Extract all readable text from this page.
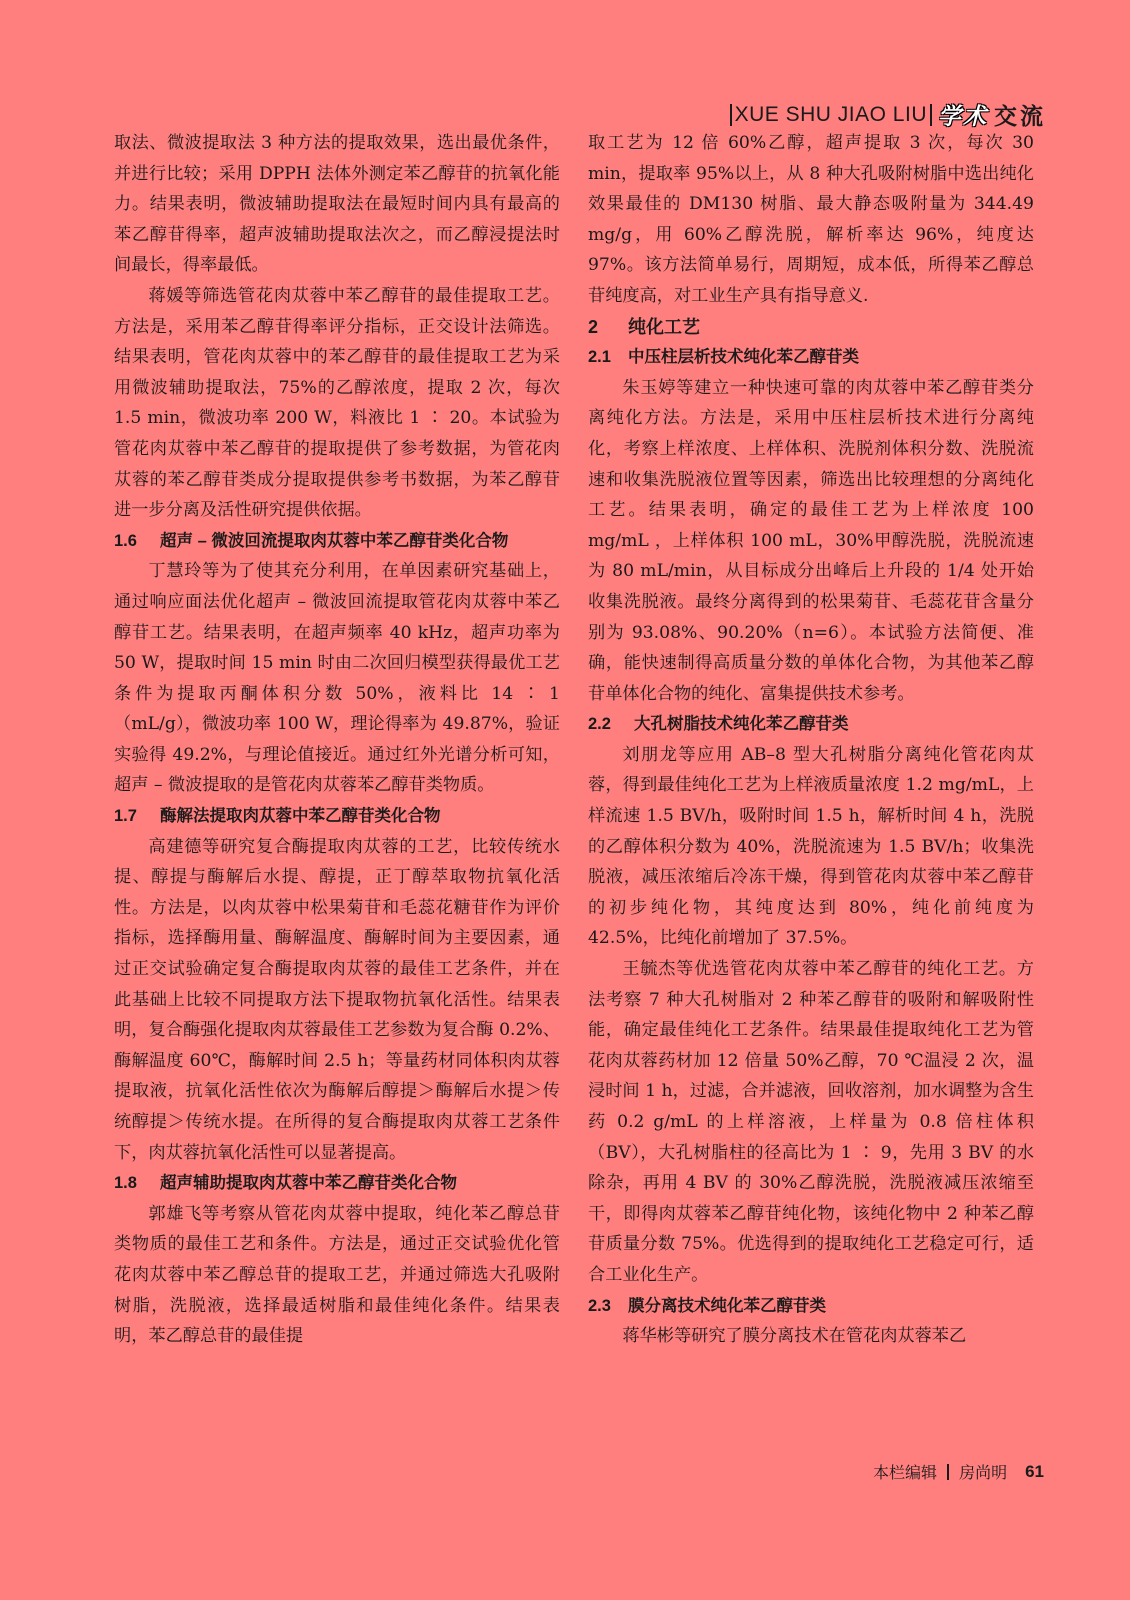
XUE SHU JIAO LIU 学术 交流

取法、微波提取法 3 种方法的提取效果，选出最优条件，并进行比较；采用 DPPH 法体外测定苯乙醇苷的抗氧化能力。结果表明，微波辅助提取法在最短时间内具有最高的苯乙醇苷得率，超声波辅助提取法次之，而乙醇浸提法时间最长，得率最低。

蒋媛等筛选管花肉苁蓉中苯乙醇苷的最佳提取工艺。方法是，采用苯乙醇苷得率评分指标，正交设计法筛选。结果表明，管花肉苁蓉中的苯乙醇苷的最佳提取工艺为采用微波辅助提取法，75%的乙醇浓度，提取 2 次，每次 1.5 min，微波功率 200 W，料液比 1 ∶ 20。本试验为管花肉苁蓉中苯乙醇苷的提取提供了参考数据，为管花肉苁蓉的苯乙醇苷类成分提取提供参考书数据，为苯乙醇苷进一步分离及活性研究提供依据。

1.6 超声 – 微波回流提取肉苁蓉中苯乙醇苷类化合物

丁慧玲等为了使其充分利用，在单因素研究基础上，通过响应面法优化超声 – 微波回流提取管花肉苁蓉中苯乙醇苷工艺。结果表明，在超声频率 40 kHz，超声功率为 50 W，提取时间 15 min 时由二次回归模型获得最优工艺条件为提取丙酮体积分数 50%，液料比 14 ∶ 1（mL/g），微波功率 100 W，理论得率为 49.87%，验证实验得 49.2%，与理论值接近。通过红外光谱分析可知，超声 – 微波提取的是管花肉苁蓉苯乙醇苷类物质。

1.7 酶解法提取肉苁蓉中苯乙醇苷类化合物

高建德等研究复合酶提取肉苁蓉的工艺，比较传统水提、醇提与酶解后水提、醇提，正丁醇萃取物抗氧化活性。方法是，以肉苁蓉中松果菊苷和毛蕊花糖苷作为评价指标，选择酶用量、酶解温度、酶解时间为主要因素，通过正交试验确定复合酶提取肉苁蓉的最佳工艺条件，并在此基础上比较不同提取方法下提取物抗氧化活性。结果表明，复合酶强化提取肉苁蓉最佳工艺参数为复合酶 0.2%、酶解温度 60℃，酶解时间 2.5 h；等量药材同体积肉苁蓉提取液，抗氧化活性依次为酶解后醇提＞酶解后水提＞传统醇提＞传统水提。在所得的复合酶提取肉苁蓉工艺条件下，肉苁蓉抗氧化活性可以显著提高。

1.8 超声辅助提取肉苁蓉中苯乙醇苷类化合物

郭雄飞等考察从管花肉苁蓉中提取，纯化苯乙醇总苷类物质的最佳工艺和条件。方法是，通过正交试验优化管花肉苁蓉中苯乙醇总苷的提取工艺，并通过筛选大孔吸附树脂，洗脱液，选择最适树脂和最佳纯化条件。结果表明，苯乙醇总苷的最佳提

取工艺为 12 倍 60%乙醇，超声提取 3 次，每次 30 min，提取率 95%以上，从 8 种大孔吸附树脂中选出纯化效果最佳的 DM130 树脂、最大静态吸附量为 344.49 mg/g，用 60%乙醇洗脱，解析率达 96%，纯度达 97%。该方法简单易行，周期短，成本低，所得苯乙醇总苷纯度高，对工业生产具有指导意义.

2 纯化工艺

2.1 中压柱层析技术纯化苯乙醇苷类

朱玉婷等建立一种快速可靠的肉苁蓉中苯乙醇苷类分离纯化方法。方法是，采用中压柱层析技术进行分离纯化，考察上样浓度、上样体积、洗脱剂体积分数、洗脱流速和收集洗脱液位置等因素，筛选出比较理想的分离纯化工艺。结果表明，确定的最佳工艺为上样浓度 100 mg/mL ，上样体积 100 mL，30%甲醇洗脱，洗脱流速为 80 mL/min，从目标成分出峰后上升段的 1/4 处开始收集洗脱液。最终分离得到的松果菊苷、毛蕊花苷含量分别为 93.08%、90.20%（n=6）。本试验方法简便、准确，能快速制得高质量分数的单体化合物，为其他苯乙醇苷单体化合物的纯化、富集提供技术参考。

2.2 大孔树脂技术纯化苯乙醇苷类

刘朋龙等应用 AB–8 型大孔树脂分离纯化管花肉苁蓉，得到最佳纯化工艺为上样液质量浓度 1.2 mg/mL，上样流速 1.5 BV/h，吸附时间 1.5 h，解析时间 4 h，洗脱的乙醇体积分数为 40%，洗脱流速为 1.5 BV/h；收集洗脱液，减压浓缩后冷冻干燥，得到管花肉苁蓉中苯乙醇苷的初步纯化物，其纯度达到 80%，纯化前纯度为 42.5%，比纯化前增加了 37.5%。

王毓杰等优选管花肉苁蓉中苯乙醇苷的纯化工艺。方法考察 7 种大孔树脂对 2 种苯乙醇苷的吸附和解吸附性能，确定最佳纯化工艺条件。结果最佳提取纯化工艺为管花肉苁蓉药材加 12 倍量 50%乙醇，70 ℃温浸 2 次，温浸时间 1 h，过滤，合并滤液，回收溶剂，加水调整为含生药 0.2 g/mL 的上样溶液，上样量为 0.8 倍柱体积（BV），大孔树脂柱的径高比为 1 ∶ 9，先用 3 BV 的水除杂，再用 4 BV 的 30%乙醇洗脱，洗脱液减压浓缩至干，即得肉苁蓉苯乙醇苷纯化物，该纯化物中 2 种苯乙醇苷质量分数 75%。优选得到的提取纯化工艺稳定可行，适合工业化生产。

2.3 膜分离技术纯化苯乙醇苷类

蒋华彬等研究了膜分离技术在管花肉苁蓉苯乙

本栏编辑 房尚明 61
